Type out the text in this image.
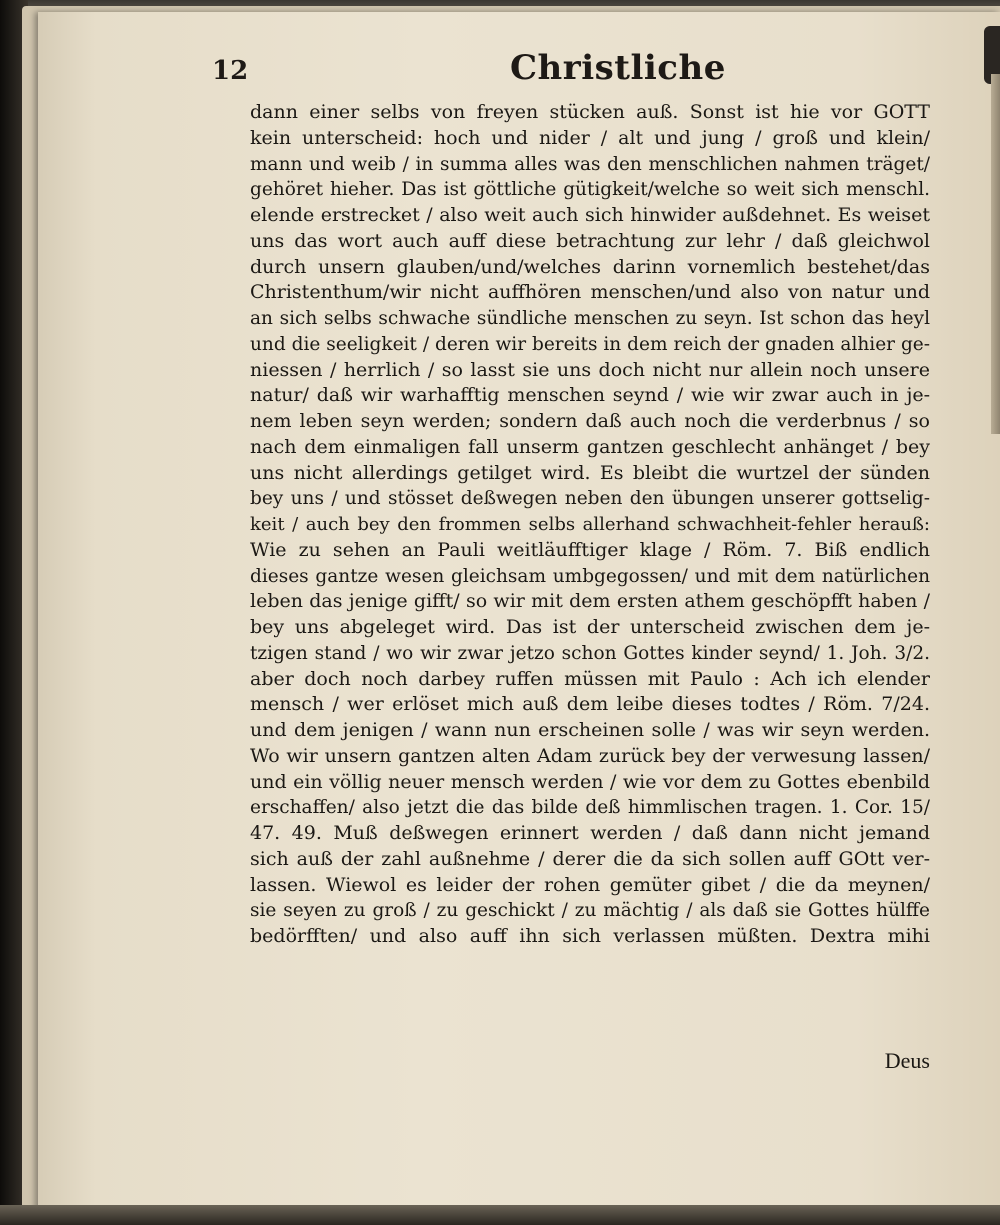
12	Christliche
dann einer selbs von freyen stücken auß. Sonst ist hie vor GOTT
kein unterscheid: hoch und nider / alt und jung / groß und klein/
mann und weib / in summa alles was den menschlichen nahmen träget/
gehöret hieher. Das ist göttliche gütigkeit/welche so weit sich menschl.
elende erstrecket / also weit auch sich hinwider außdehnet. Es weiset
uns das wort auch auff diese betrachtung zur lehr / daß gleichwol
durch unsern glauben/und/welches darinn vornemlich bestehet/das
Christenthum/wir nicht auffhören menschen/und also von natur und
an sich selbs schwache sündliche menschen zu seyn. Ist schon das heyl
und die seeligkeit / deren wir bereits in dem reich der gnaden alhier ge-
niessen / herrlich / so lasst sie uns doch nicht nur allein noch unsere
natur/ daß wir warhafftig menschen seynd / wie wir zwar auch in je-
nem leben seyn werden; sondern daß auch noch die verderbnus / so
nach dem einmaligen fall unserm gantzen geschlecht anhänget / bey
uns nicht allerdings getilget wird. Es bleibt die wurtzel der sünden
bey uns / und stösset deßwegen neben den übungen unserer gottselig-
keit / auch bey den frommen selbs allerhand schwachheit-fehler herauß:
Wie zu sehen an Pauli weitläufftiger klage / Röm. 7. Biß endlich
dieses gantze wesen gleichsam umbgegossen/ und mit dem natürlichen
leben das jenige gifft/ so wir mit dem ersten athem geschöpfft haben /
bey uns abgeleget wird. Das ist der unterscheid zwischen dem je-
tzigen stand / wo wir zwar jetzo schon Gottes kinder seynd/ 1. Joh. 3/2.
aber doch noch darbey ruffen müssen mit Paulo : Ach ich elender
mensch / wer erlöset mich auß dem leibe dieses todtes / Röm. 7/24.
und dem jenigen / wann nun erscheinen solle / was wir seyn werden.
Wo wir unsern gantzen alten Adam zurück bey der verwesung lassen/
und ein völlig neuer mensch werden / wie vor dem zu Gottes ebenbild
erschaffen/ also jetzt die das bilde deß himmlischen tragen. 1. Cor. 15/
47. 49. Muß deßwegen erinnert werden / daß dann nicht jemand
sich auß der zahl außnehme / derer die da sich sollen auff GOtt ver-
lassen. Wiewol es leider der rohen gemüter gibet / die da meynen/
sie seyen zu groß / zu geschickt / zu mächtig / als daß sie Gottes hülffe
bedörfften/ und also auff ihn sich verlassen müßten. Dextra mihi
Deus
